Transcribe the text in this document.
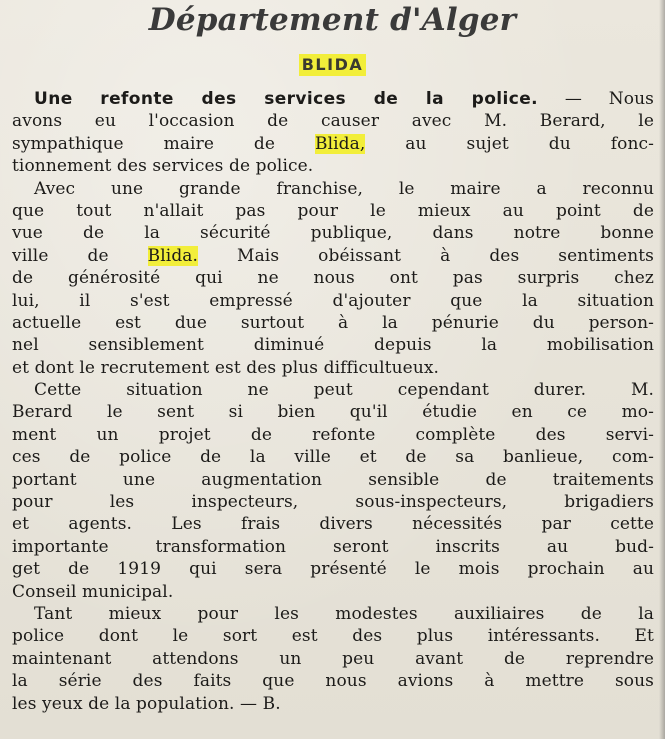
Département d'Alger
BLIDA
Une refonte des services de la police. — Nous
avons eu l'occasion de causer avec M. Berard, le
sympathique maire de Blida, au sujet du fonc-
tionnement des services de police.
Avec une grande franchise, le maire a reconnu
que tout n'allait pas pour le mieux au point de
vue de la sécurité publique, dans notre bonne
ville de Blida. Mais obéissant à des sentiments
de générosité qui ne nous ont pas surpris chez
lui, il s'est empressé d'ajouter que la situation
actuelle est due surtout à la pénurie du person-
nel sensiblement diminué depuis la mobilisation
et dont le recrutement est des plus difficultueux.
Cette situation ne peut cependant durer. M.
Berard le sent si bien qu'il étudie en ce mo-
ment un projet de refonte complète des servi-
ces de police de la ville et de sa banlieue, com-
portant une augmentation sensible de traitements
pour les inspecteurs, sous-inspecteurs, brigadiers
et agents. Les frais divers nécessités par cette
importante transformation seront inscrits au bud-
get de 1919 qui sera présenté le mois prochain au
Conseil municipal.
Tant mieux pour les modestes auxiliaires de la
police dont le sort est des plus intéressants. Et
maintenant attendons un peu avant de reprendre
la série des faits que nous avions à mettre sous
les yeux de la population. — B.
